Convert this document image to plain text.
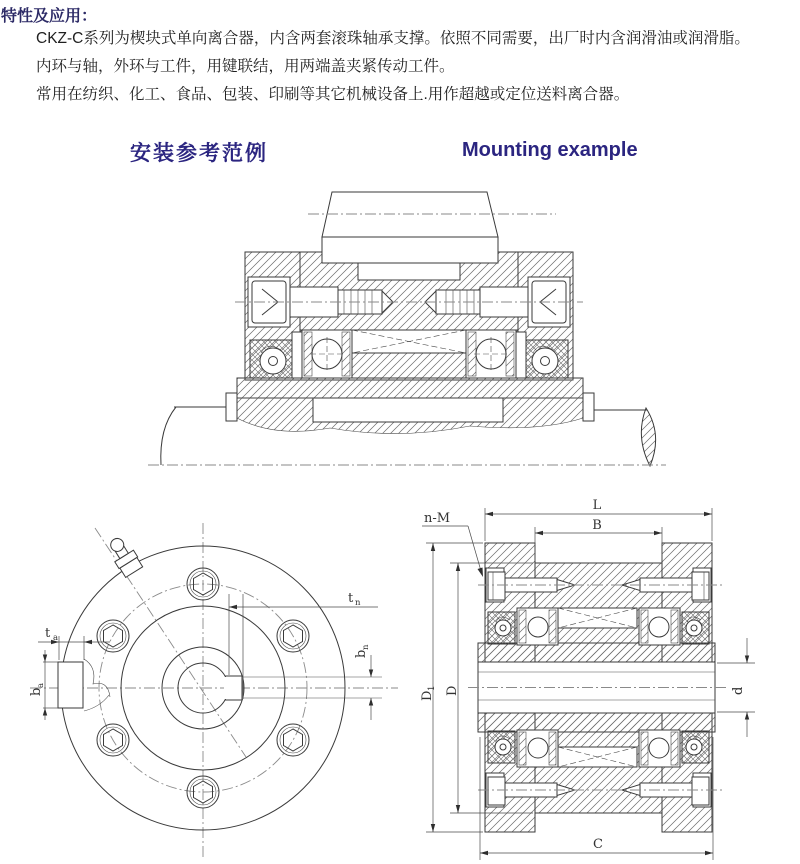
特性及应用：
CKZ-C系列为楔块式单向离合器，内含两套滚珠轴承支撑。依照不同需要，出厂时内含润滑油或润滑脂。
内环与轴，外环与工件，用键联结，用两端盖夹紧传动工件。
常用在纺织、化工、食品、包装、印刷等其它机械设备上.用作超越或定位送料离合器。
安装参考范例	Mounting example
t a
b
a
t n
b
n
L
B
n-M
D
1 D	d
C
